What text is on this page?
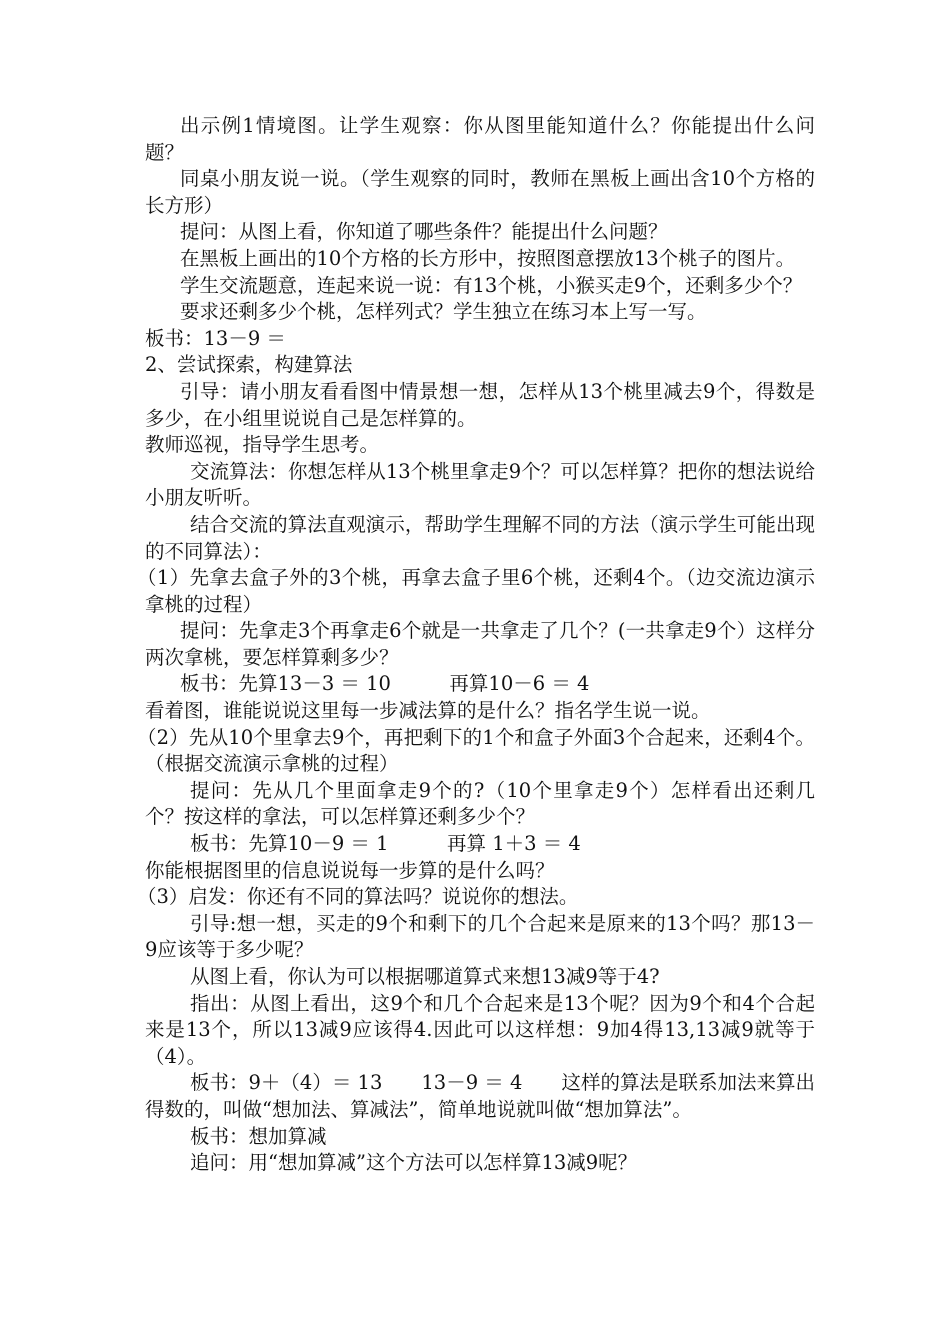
出示例1情境图。让学生观察：你从图里能知道什么？你能提出什么问题？

同桌小朋友说一说。（学生观察的同时，教师在黑板上画出含10个方格的长方形）

提问：从图上看，你知道了哪些条件？能提出什么问题？

在黑板上画出的10个方格的长方形中，按照图意摆放13个桃子的图片。

学生交流题意，连起来说一说：有13个桃，小猴买走9个，还剩多少个？

要求还剩多少个桃，怎样列式？学生独立在练习本上写一写。

板书：13－9 ＝

2、尝试探索，构建算法

引导：请小朋友看看图中情景想一想，怎样从13个桃里减去9个，得数是多少，在小组里说说自己是怎样算的。

教师巡视，指导学生思考。

交流算法：你想怎样从13个桃里拿走9个？可以怎样算？把你的想法说给小朋友听听。

结合交流的算法直观演示，帮助学生理解不同的方法（演示学生可能出现的不同算法）：

（1）先拿去盒子外的3个桃，再拿去盒子里6个桃，还剩4个。（边交流边演示拿桃的过程）

提问：先拿走3个再拿走6个就是一共拿走了几个？(一共拿走9个）这样分两次拿桃，要怎样算剩多少？

板书：先算13－3 ＝ 10　　　再算10－6 ＝ 4

看着图，谁能说说这里每一步减法算的是什么？指名学生说一说。

（2）先从10个里拿去9个，再把剩下的1个和盒子外面3个合起来，还剩4个。（根据交流演示拿桃的过程）

提问：先从几个里面拿走9个的?（10个里拿走9个）怎样看出还剩几个？按这样的拿法，可以怎样算还剩多少个？

板书：先算10－9 ＝ 1　　　再算 1＋3 ＝ 4

你能根据图里的信息说说每一步算的是什么吗？

（3）启发：你还有不同的算法吗？说说你的想法。

引导:想一想，买走的9个和剩下的几个合起来是原来的13个吗？那13－9应该等于多少呢？

从图上看，你认为可以根据哪道算式来想13减9等于4?

指出：从图上看出，这9个和几个合起来是13个呢？因为9个和4个合起来是13个，所以13减9应该得4.因此可以这样想：9加4得13,13减9就等于（4）。

板书：9＋（4）＝ 13　　13－9 ＝ 4　　这样的算法是联系加法来算出得数的，叫做“想加法、算减法”，简单地说就叫做“想加算法”。

板书：想加算减

追问：用“想加算减”这个方法可以怎样算13减9呢？
